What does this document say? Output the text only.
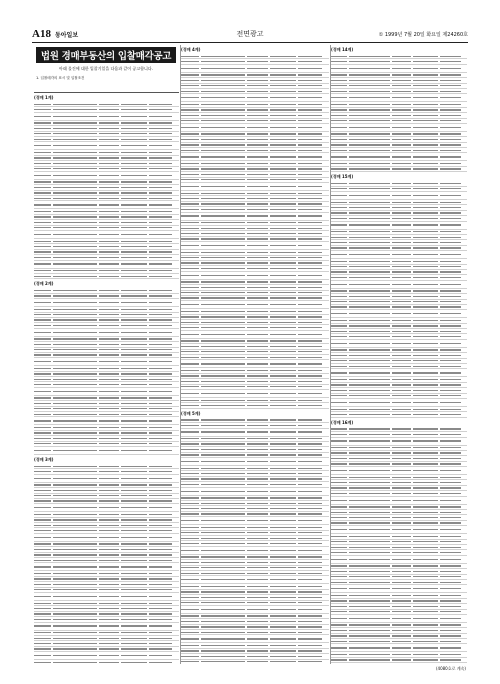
A18 동아일보	전면광고	① 1999년 7월 20일 화요일 제24260호
법원 경매부동산의 입찰매각공고
아래 물건에 대한 입찰기일을 다음과 같이 공고합니다.
1. 입찰매각의 표시 및 입찰조건
(경매 1계)
(경매 2계)
(경매 3계)
(경매 4계)
(경매 5계)
(경매 14계)
(경매 15계)
(경매 16계)
(4080호로 계속)
